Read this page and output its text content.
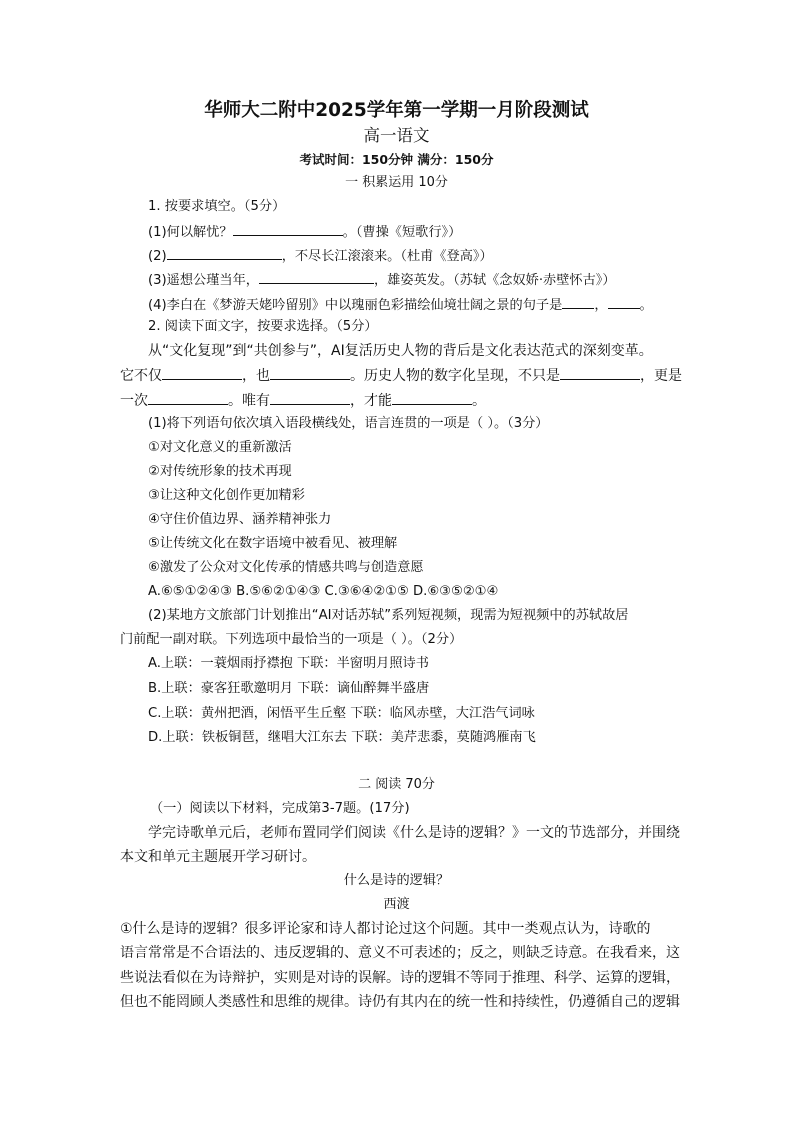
华师大二附中2025学年第一学期一月阶段测试
高一语文
考试时间：150分钟 满分：150分
一 积累运用 10分
1. 按要求填空。（5分）
(1)何以解忧？	。（曹操《短歌行》）
(2)	，不尽长江滚滚来。（杜甫《登高》）
(3)遥想公瑾当年，	，雄姿英发。（苏轼《念奴娇·赤壁怀古》）
(4)李白在《梦游天姥吟留别》中以瑰丽色彩描绘仙境壮阔之景的句子是 ， 。
2. 阅读下面文字，按要求选择。（5分）
从“文化复现”到“共创参与”，AI复活历史人物的背后是文化表达范式的深刻变革。
它不仅	，也	。历史人物的数字化呈现，不只是	，更是
一次	。唯有	，才能	。
(1)将下列语句依次填入语段横线处，语言连贯的一项是（ ）。（3分）
①对文化意义的重新激活
②对传统形象的技术再现
③让这种文化创作更加精彩
④守住价值边界、涵养精神张力
⑤让传统文化在数字语境中被看见、被理解
⑥激发了公众对文化传承的情感共鸣与创造意愿
A.⑥⑤①②④③ B.⑤⑥②①④③ C.③⑥④②①⑤ D.⑥③⑤②①④
(2)某地方文旅部门计划推出“AI对话苏轼”系列短视频，现需为短视频中的苏轼故居
门前配一副对联。下列选项中最恰当的一项是（ ）。（2分）
A.上联：一蓑烟雨抒襟抱 下联：半窗明月照诗书
B.上联：豪客狂歌邀明月 下联：谪仙醉舞半盛唐
C.上联：黄州把酒，闲悟平生丘壑 下联：临风赤壁，大江浩气词咏
D.上联：铁板铜琶，继唱大江东去 下联：美芹悲黍，莫随鸿雁南飞
二 阅读 70分
（一）阅读以下材料，完成第3-7题。(17分)
学完诗歌单元后，老师布置同学们阅读《什么是诗的逻辑？》一文的节选部分，并围绕
本文和单元主题展开学习研讨。
什么是诗的逻辑？
西渡
①什么是诗的逻辑？很多评论家和诗人都讨论过这个问题。其中一类观点认为，诗歌的
语言常常是不合语法的、违反逻辑的、意义不可表述的；反之，则缺乏诗意。在我看来，这
些说法看似在为诗辩护，实则是对诗的误解。诗的逻辑不等同于推理、科学、运算的逻辑，
但也不能罔顾人类感性和思维的规律。诗仍有其内在的统一性和持续性，仍遵循自己的逻辑
